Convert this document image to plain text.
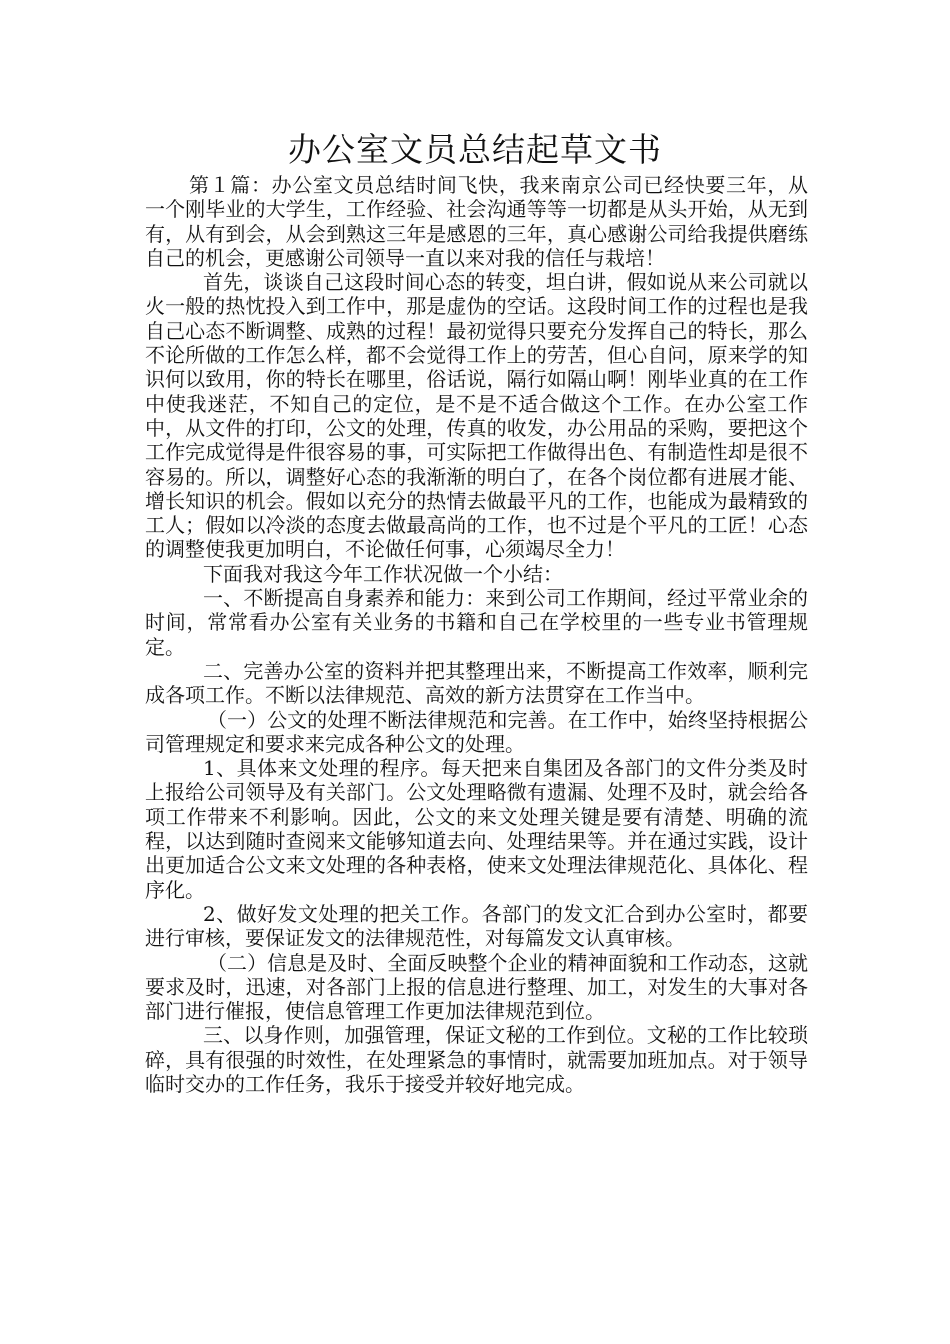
办公室文员总结起草文书

第１篇：办公室文员总结时间飞快，我来南京公司已经快要三年，从一个刚毕业的大学生，工作经验、社会沟通等等一切都是从头开始，从无到有，从有到会，从会到熟这三年是感恩的三年，真心感谢公司给我提供磨练自己的机会，更感谢公司领导一直以来对我的信任与栽培！

首先，谈谈自己这段时间心态的转变，坦白讲，假如说从来公司就以火一般的热忱投入到工作中，那是虚伪的空话。这段时间工作的过程也是我自己心态不断调整、成熟的过程！最初觉得只要充分发挥自己的特长，那么不论所做的工作怎么样，都不会觉得工作上的劳苦，但心自问，原来学的知识何以致用，你的特长在哪里，俗话说，隔行如隔山啊！刚毕业真的在工作中使我迷茫，不知自己的定位，是不是不适合做这个工作。在办公室工作中，从文件的打印，公文的处理，传真的收发，办公用品的采购，要把这个工作完成觉得是件很容易的事，可实际把工作做得出色、有制造性却是很不容易的。所以，调整好心态的我渐渐的明白了，在各个岗位都有进展才能、增长知识的机会。假如以充分的热情去做最平凡的工作，也能成为最精致的工人；假如以冷淡的态度去做最高尚的工作，也不过是个平凡的工匠！心态的调整使我更加明白，不论做任何事，心须竭尽全力！

下面我对我这今年工作状况做一个小结：

一、不断提高自身素养和能力：来到公司工作期间，经过平常业余的时间，常常看办公室有关业务的书籍和自己在学校里的一些专业书管理规定。

二、完善办公室的资料并把其整理出来，不断提高工作效率，顺利完成各项工作。不断以法律规范、高效的新方法贯穿在工作当中。

（一）公文的处理不断法律规范和完善。在工作中，始终坚持根据公司管理规定和要求来完成各种公文的处理。

1、具体来文处理的程序。每天把来自集团及各部门的文件分类及时上报给公司领导及有关部门。公文处理略微有遗漏、处理不及时，就会给各项工作带来不利影响。因此，公文的来文处理关键是要有清楚、明确的流程，以达到随时查阅来文能够知道去向、处理结果等。并在通过实践，设计出更加适合公文来文处理的各种表格，使来文处理法律规范化、具体化、程序化。

2、做好发文处理的把关工作。各部门的发文汇合到办公室时，都要进行审核，要保证发文的法律规范性，对每篇发文认真审核。

（二）信息是及时、全面反映整个企业的精神面貌和工作动态，这就要求及时，迅速，对各部门上报的信息进行整理、加工，对发生的大事对各部门进行催报，使信息管理工作更加法律规范到位。

三、以身作则，加强管理，保证文秘的工作到位。文秘的工作比较琐碎，具有很强的时效性，在处理紧急的事情时，就需要加班加点。对于领导临时交办的工作任务，我乐于接受并较好地完成。
